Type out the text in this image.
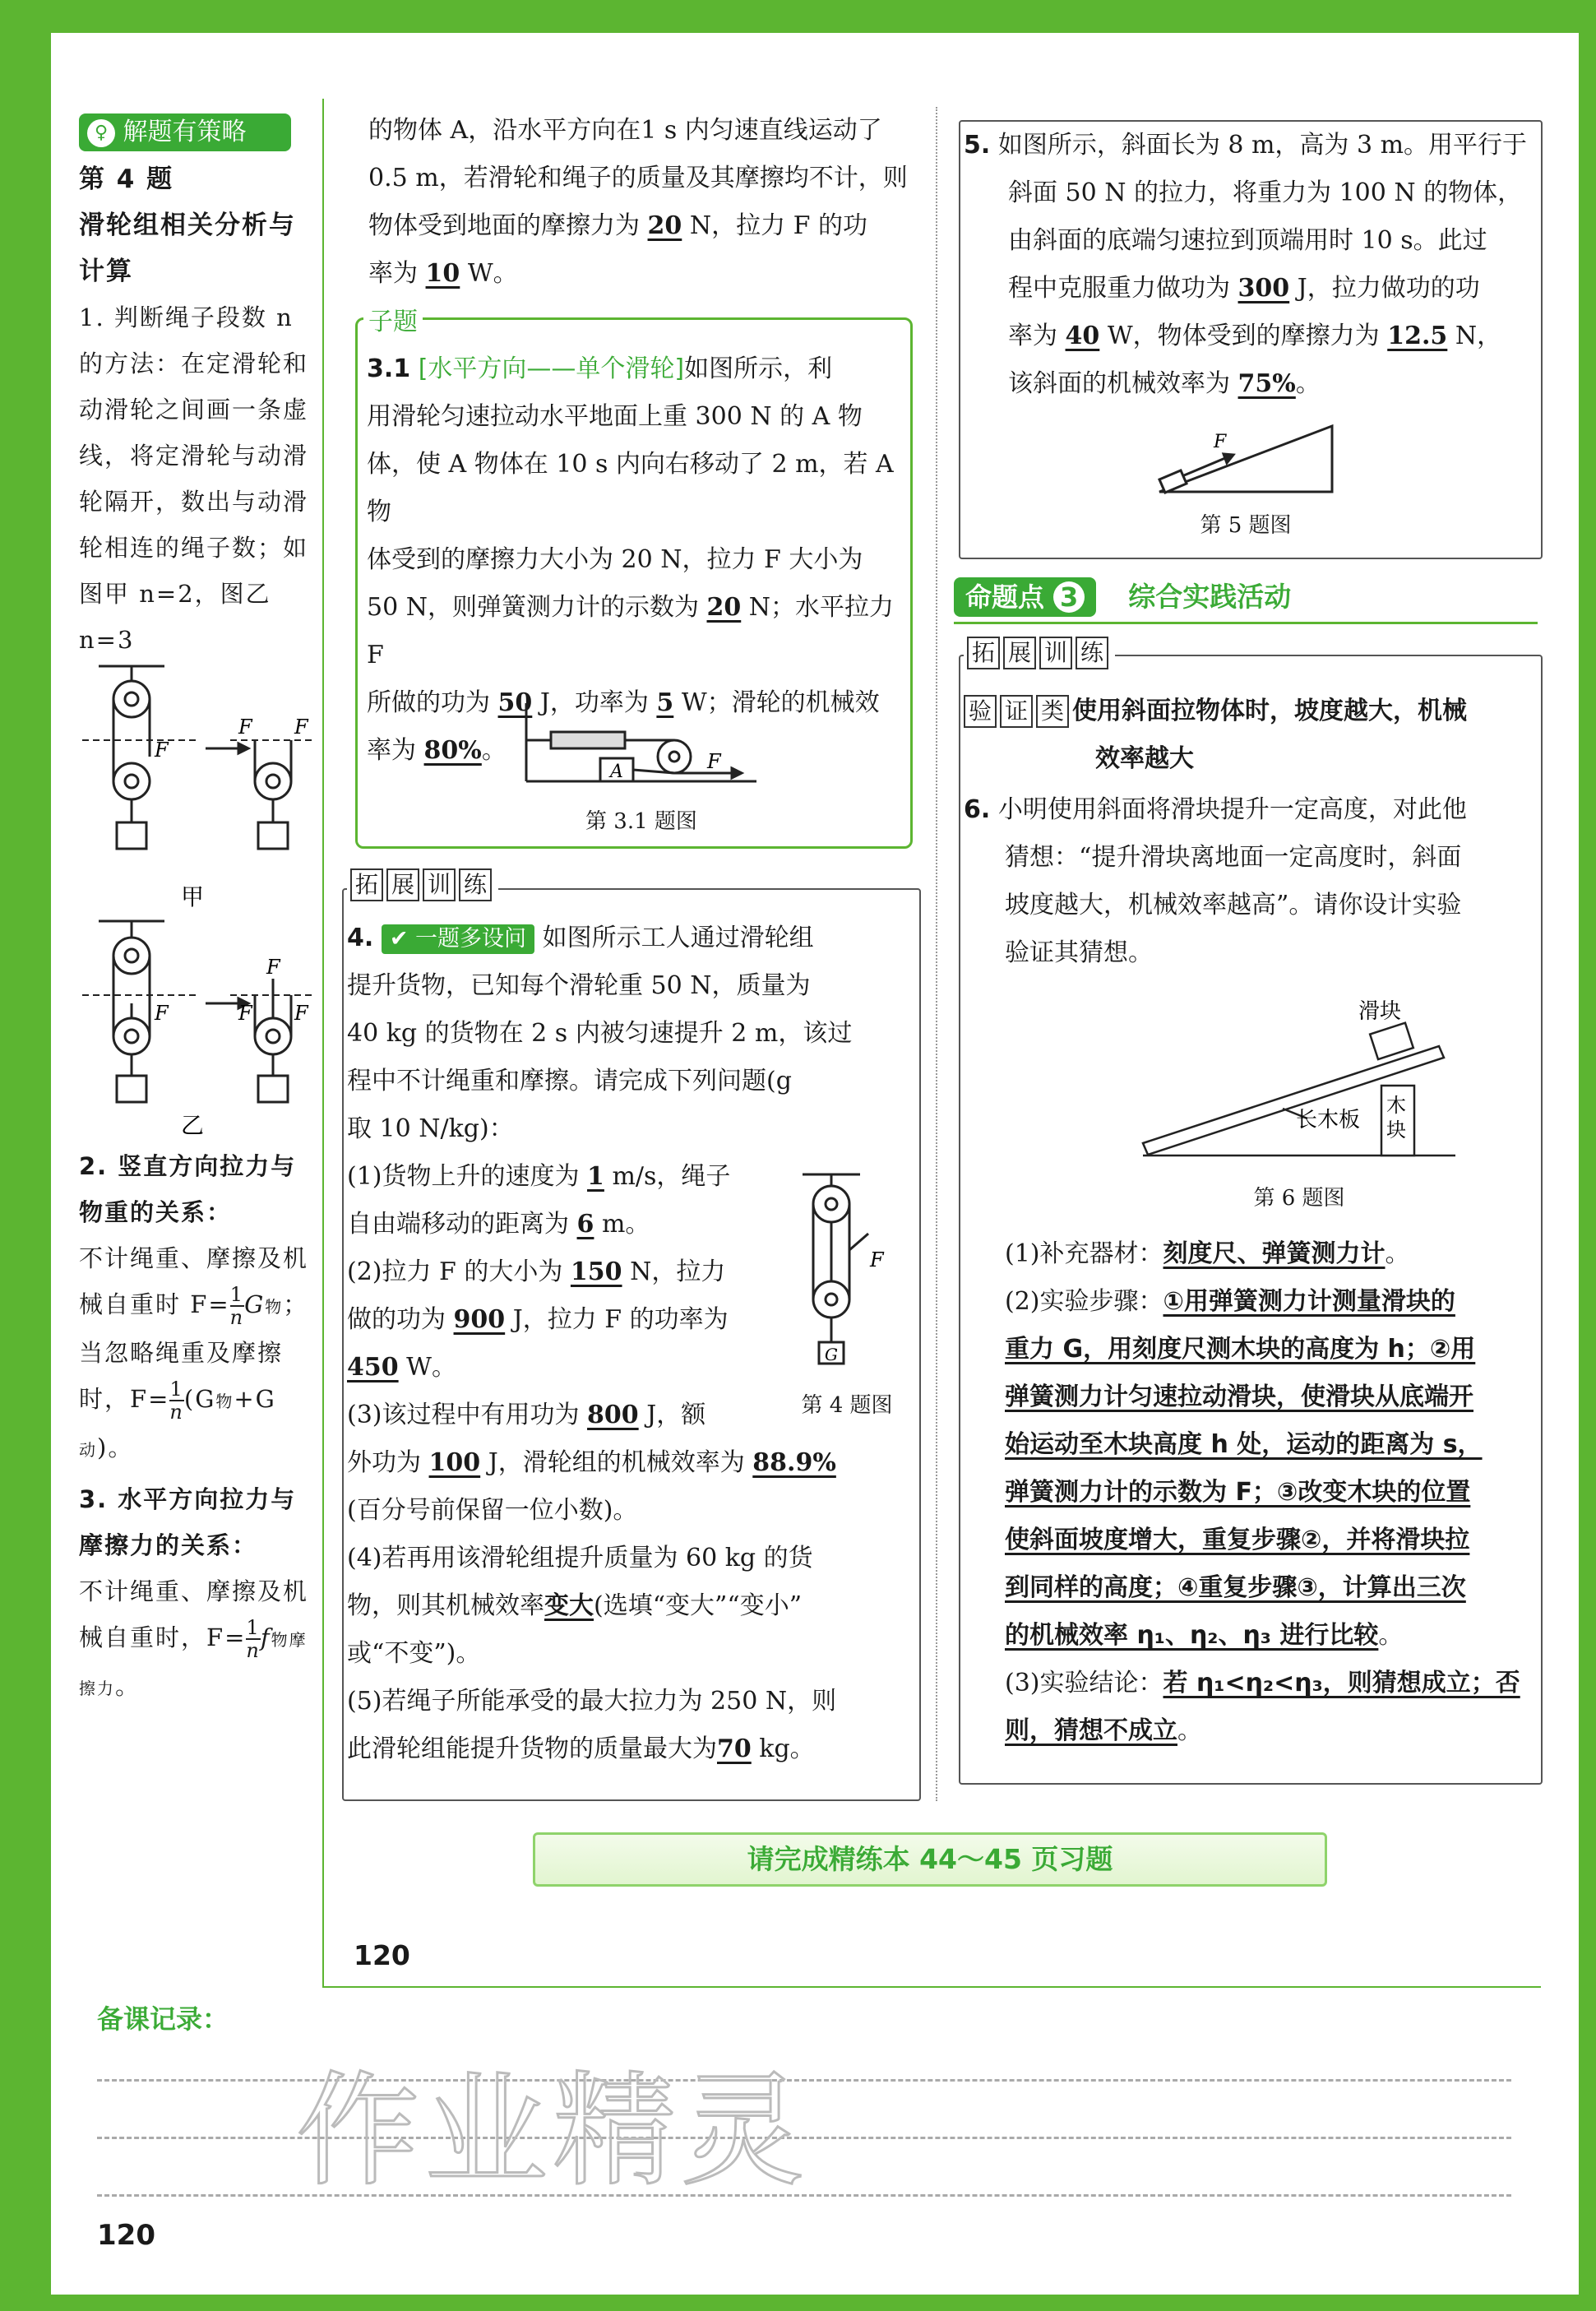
♀ 解题有策略
第 4 题
滑轮组相关分析与计算
1. 判断绳子段数 n 的方法：在定滑轮和动滑轮之间画一条虚线，将定滑轮与动滑轮隔开，数出与动滑轮相连的绳子数；如图甲 n=2，图乙 n=3
F
F F
甲
F
F
F F
乙
2. 竖直方向拉力与物重的关系：
不计绳重、摩擦及机械自重时 $F= \frac{1}{n}$ G物；当忽略绳重及摩擦时，$F= \frac{1}{n} (G$物+G动)。
3. 水平方向拉力与摩擦力的关系：
不计绳重、摩擦及机械自重时，$F= \frac{1}{n}$ f物摩擦力。
的物体 A，沿水平方向在1 s 内匀速直线运动了
0.5 m，若滑轮和绳子的质量及其摩擦均不计，则
物体受到地面的摩擦力为 20 N，拉力 F 的功
率为 10 W。
子题
3.1 [水平方向——单个滑轮]如图所示，利
用滑轮匀速拉动水平地面上重 300 N 的 A 物
体，使 A 物体在 10 s 内向右移动了 2 m，若 A 物
体受到的摩擦力大小为 20 N，拉力 F 大小为
50 N，则弹簧测力计的示数为 20 N；水平拉力 F
所做的功为 50 J，功率为 5 W；滑轮的机械效
率为 80%。
A	F
第 3.1 题图
拓 展 训 练
4. ✔ 一题多设问 如图所示工人通过滑轮组
提升货物，已知每个滑轮重 50 N，质量为
40 kg 的货物在 2 s 内被匀速提升 2 m，该过
程中不计绳重和摩擦。请完成下列问题(g
取 10 N/kg)：
(1)货物上升的速度为 1 m/s，绳子
自由端移动的距离为 6 m。
(2)拉力 F 的大小为 150 N，拉力
做的功为 900 J，拉力 F 的功率为
450 W。
(3)该过程中有用功为 800 J，额
外功为 100 J，滑轮组的机械效率为 88.9%
(百分号前保留一位小数)。
(4)若再用该滑轮组提升质量为 60 kg 的货
物，则其机械效率变大(选填“变大”“变小”
或“不变”)。
(5)若绳子所能承受的最大拉力为 250 N，则
此滑轮组能提升货物的质量最大为70 kg。
F
G
第 4 题图
5. 如图所示，斜面长为 8 m，高为 3 m。用平行于
斜面 50 N 的拉力，将重力为 100 N 的物体，
由斜面的底端匀速拉到顶端用时 10 s。此过
程中克服重力做功为 300 J，拉力做功的功
率为 40 W，物体受到的摩擦力为 12.5 N，
该斜面的机械效率为 75%。
F
第 5 题图
命题点 3 综合实践活动
拓 展 训 练
验 证 类 使用斜面拉物体时，坡度越大，机械
效率越大
6. 小明使用斜面将滑块提升一定高度，对此他
猜想：“提升滑块离地面一定高度时，斜面
坡度越大，机械效率越高”。请你设计实验
验证其猜想。
滑块
长木板
木
块
第 6 题图
(1)补充器材：刻度尺、弹簧测力计。
(2)实验步骤：①用弹簧测力计测量滑块的
重力 G，用刻度尺测木块的高度为 h；②用
弹簧测力计匀速拉动滑块，使滑块从底端开
始运动至木块高度 h 处，运动的距离为 s，
弹簧测力计的示数为 F；③改变木块的位置
使斜面坡度增大，重复步骤②，并将滑块拉
到同样的高度；④重复步骤③，计算出三次
的机械效率 η₁、η₂、η₃ 进行比较。
(3)实验结论：若 η₁<η₂<η₃，则猜想成立；否
则，猜想不成立。
请完成精练本 44～45 页习题
120
备课记录：
作业精灵
120
